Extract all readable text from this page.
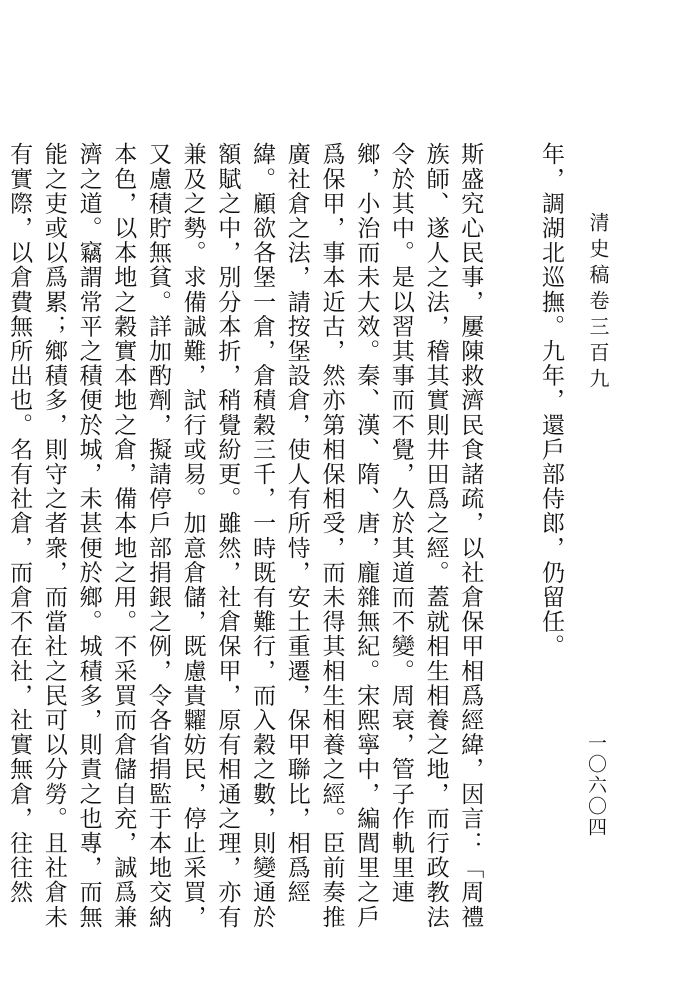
清史稿卷三百九
一〇六〇四
年，調湖北巡撫。九年，還戶部侍郎，仍留任。
斯盛究心民事，屢陳救濟民食諸疏，以社倉保甲相爲經緯，因言：「周禮族師、遂人之法，稽其實則井田爲之經。蓋就相生相養之地，而行政教法令於其中。是以習其事而不覺，久於其道而不變。周衰，管子作軌里連鄉，小治而未大效。秦、漢、隋、唐，龐雜無紀。宋熙寧中，編閭里之戶爲保甲，事本近古，然亦第相保相受，而未得其相生相養之經。臣前奏推廣社倉之法，請按堡設倉，使人有所恃，安土重遷，保甲聯比，相爲經緯。顧欲各堡一倉，倉積穀三千，一時既有難行，而入穀之數，則變通於額賦之中，別分本折，稍覺紛更。雖然，社倉保甲，原有相通之理，亦有兼及之勢。求備誠難，試行或易。加意倉儲，既慮貴糶妨民，停止采買，又慮積貯無貧。詳加酌劑，擬請停戶部捐銀之例，令各省捐監于本地交納本色，以本地之穀實本地之倉，備本地之用。不采買而倉儲自充，誠爲兼濟之道。竊謂常平之積便於城，未甚便於鄉。城積多，則責之也專，而無能之吏或以爲累；鄉積多，則守之者衆，而當社之民可以分勞。且社倉未有實際，以倉費無所出也。名有社倉，而倉不在社，社實無倉，往往然
